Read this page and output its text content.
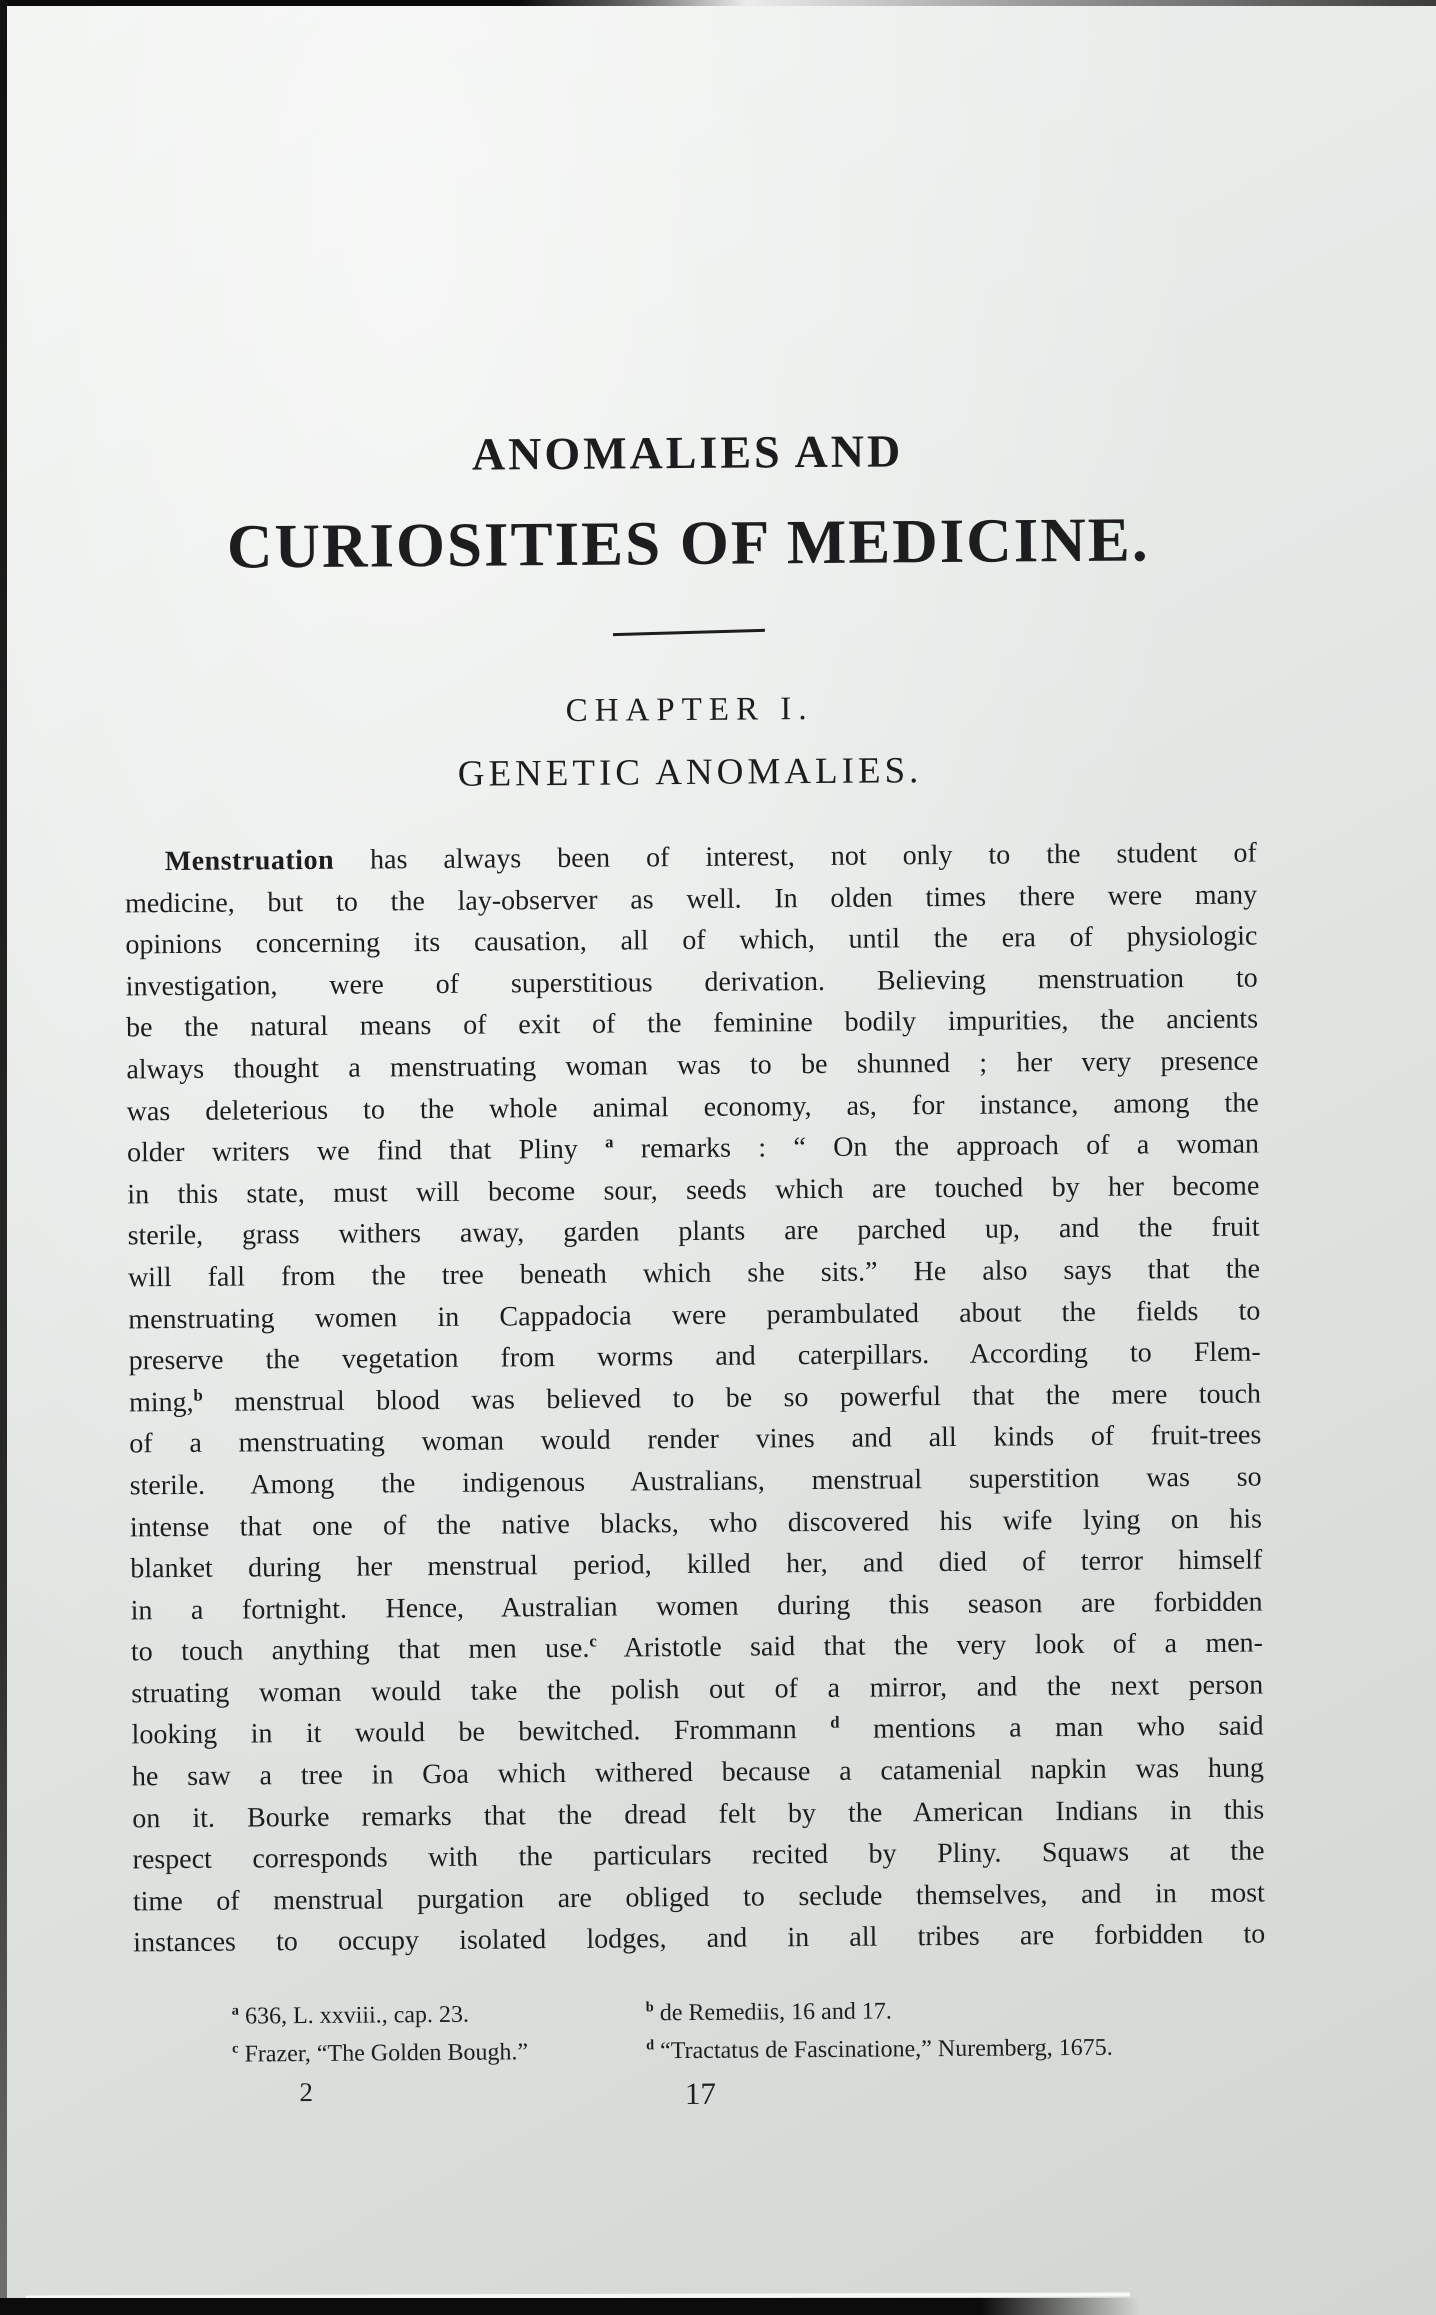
ANOMALIES AND
CURIOSITIES OF MEDICINE.
CHAPTER I.
GENETIC ANOMALIES.
Menstruation has always been of interest, not only to the student of
medicine, but to the lay-observer as well. In olden times there were many
opinions concerning its causation, all of which, until the era of physiologic
investigation, were of superstitious derivation. Believing menstruation to
be the natural means of exit of the feminine bodily impurities, the ancients
always thought a menstruating woman was to be shunned ; her very presence
was deleterious to the whole animal economy, as, for instance, among the
older writers we find that Pliny $^a$ remarks : “ On the approach of a woman
in this state, must will become sour, seeds which are touched by her become
sterile, grass withers away, garden plants are parched up, and the fruit
will fall from the tree beneath which she sits.” He also says that the
menstruating women in Cappadocia were perambulated about the fields to
preserve the vegetation from worms and caterpillars. According to Flem-
ming,$^b$ menstrual blood was believed to be so powerful that the mere touch
of a menstruating woman would render vines and all kinds of fruit-trees
sterile. Among the indigenous Australians, menstrual superstition was so
intense that one of the native blacks, who discovered his wife lying on his
blanket during her menstrual period, killed her, and died of terror himself
in a fortnight. Hence, Australian women during this season are forbidden
to touch anything that men use.$^c$ Aristotle said that the very look of a men-
struating woman would take the polish out of a mirror, and the next person
looking in it would be bewitched. Frommann $^d$ mentions a man who said
he saw a tree in Goa which withered because a catamenial napkin was hung
on it. Bourke remarks that the dread felt by the American Indians in this
respect corresponds with the particulars recited by Pliny. Squaws at the
time of menstrual purgation are obliged to seclude themselves, and in most
instances to occupy isolated lodges, and in all tribes are forbidden to
$^a$ 636, L. xxviii., cap. 23.	$^b$ de Remediis, 16 and 17.
$^c$ Frazer, “The Golden Bough.”	$^d$ “Tractatus de Fascinatione,” Nuremberg, 1675.
2	17
